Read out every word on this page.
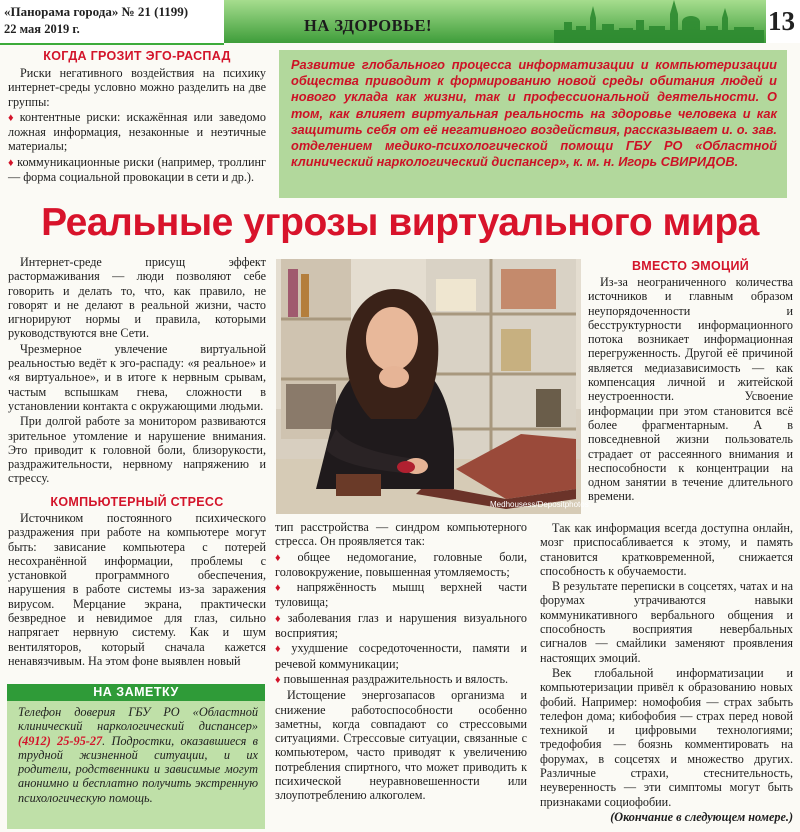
«Панорама города» № 21 (1199)
22 мая 2019 г.	НА ЗДОРОВЬЕ!	13
КОГДА ГРОЗИТ ЭГО-РАСПАД

Риски негативного воздействия на психику интернет-среды условно можно разделить на две группы:

♦ контентные риски: искажённая или заведомо ложная информация, незаконные и неэтичные материалы;

♦ коммуникационные риски (например, троллинг — форма социальной провокации в сети и др.).

Развитие глобального процесса информатизации и компьютеризации общества приводит к формированию новой среды обитания людей и нового уклада как жизни, так и профессиональной деятельности. О том, как влияет виртуальная реальность на здоровье человека и как защитить себя от её негативного воздействия, рассказывает и. о. зав. отделением медико-психологической помощи ГБУ РО «Областной клинический наркологический диспансер», к. м. н. Игорь СВИРИДОВ.
Реальные угрозы виртуального мира

Интернет-среде присущ эффект растормаживания — люди позволяют себе говорить и делать то, что, как правило, не говорят и не делают в реальной жизни, часто игнорируют нормы и правила, которыми руководствуются вне Сети.

Чрезмерное увлечение виртуальной реальностью ведёт к эго-распаду: «я реальное» и «я виртуальное», и в итоге к нервным срывам, частым вспышкам гнева, сложности в установлении контакта с окружающими людьми.

При долгой работе за монитором развиваются зрительное утомление и нарушение внимания. Это приводит к головной боли, близорукости, раздражительности, нервному напряжению и стрессу.

КОМПЬЮТЕРНЫЙ СТРЕСС

Источником постоянного психического раздражения при работе на компьютере могут быть: зависание компьютера с потерей несохранённой информации, проблемы с установкой программного обеспечения, нарушения в работе системы из-за заражения вирусом. Мерцание экрана, практически безвредное и невидимое для глаз, сильно напрягает нервную систему. Как и шум вентиляторов, который сначала кажется ненавязчивым. На этом фоне выявлен новый

Medhousess/Depositphotos

тип расстройства — синдром компьютерного стресса. Он проявляется так:

♦ общее недомогание, головные боли, головокружение, повышенная утомляемость;

♦ напряжённость мышц верхней части туловища;

♦ заболевания глаз и нарушения визуального восприятия;

♦ ухудшение сосредоточенности, памяти и речевой коммуникации;

♦ повышенная раздражительность и вялость.

Истощение энергозапасов организма и снижение работоспособности особенно заметны, когда совпадают со стрессовыми ситуациями. Стрессовые ситуации, связанные с компьютером, часто приводят к увеличению потребления спиртного, что может приводить к психической неуравновешенности или злоупотреблению алкоголем.

ВМЕСТО ЭМОЦИЙ

Из-за неограниченного количества источников и главным образом неупорядоченности и бесструктурности информационного потока возникает информационная перегруженность. Другой её причиной является медиазависимость — как компенсация личной и житейской неустроенности. Усвоение информации при этом становится всё более фрагментарным. А в повседневной жизни пользователь страдает от рассеянного внимания и неспособности к концентрации на одном занятии в течение длительного времени.

Так как информация всегда доступна онлайн, мозг приспосабливается к этому, и память становится кратковременной, снижается способность к обучаемости.

В результате переписки в соцсетях, чатах и на форумах утрачиваются навыки коммуникативного вербального общения и способность восприятия невербальных сигналов — смайлики заменяют проявления настоящих эмоций.

Век глобальной информатизации и компьютеризации привёл к образованию новых фобий. Например: номофобия — страх забыть телефон дома; кибофобия — страх перед новой техникой и цифровыми технологиями; тредофобия — боязнь комментировать на форумах, в соцсетях и множество других. Различные страхи, стеснительность, неуверенность — эти симптомы могут быть признаками социофобии.

(Окончание в следующем номере.)

НА ЗАМЕТКУ
Телефон доверия ГБУ РО «Областной клинический наркологический диспансер» (4912) 25-95-27. Подростки, оказавшиеся в трудной жизненной ситуации, и их родители, родственники и зависимые могут анонимно и бесплатно получить экстренную психологическую помощь.
